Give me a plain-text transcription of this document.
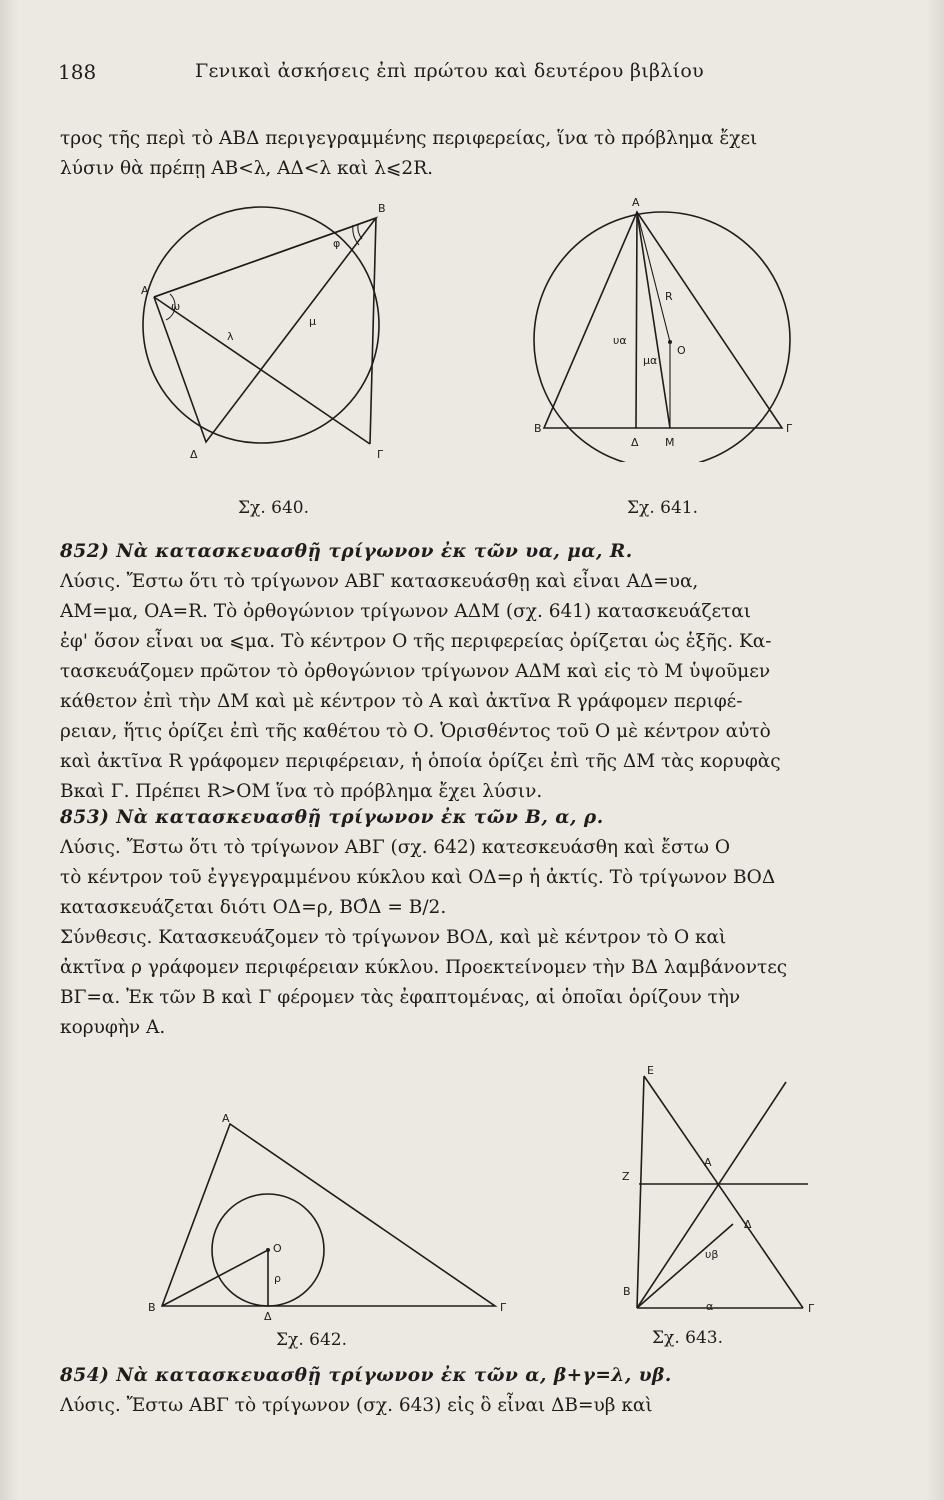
188	Γενικαὶ ἀσκήσεις ἐπὶ πρώτου καὶ δευτέρου βιβλίου

τρος τῆς περὶ τὸ ΑΒΔ περιγεγραμμένης περιφερείας, ἵνα τὸ πρόβλημα ἔχει
λύσιν θὰ πρέπῃ ΑΒ<λ, ΑΔ<λ καὶ λ⩽2R.

A
B
Γ
Δ
ω
φ
λ
μ
A
B	Γ
Δ M
O
R
υα
μα
Σχ. 640.	Σχ. 641.

852) Νὰ κατασκευασθῇ τρίγωνον ἐκ τῶν υα, μα, R.
Λύσις. Ἔστω ὅτι τὸ τρίγωνον ΑΒΓ κατασκευάσθῃ καὶ εἶναι ΑΔ=υα,
ΑΜ=μα, ΟΑ=R. Τὸ ὀρθογώνιον τρίγωνον ΑΔΜ (σχ. 641) κατασκευάζεται
ἐφ' ὅσον εἶναι υα ⩽μα. Τὸ κέντρον Ο τῆς περιφερείας ὁρίζεται ὡς ἑξῆς. Κα-
τασκευάζομεν πρῶτον τὸ ὀρθογώνιον τρίγωνον ΑΔΜ καὶ εἰς τὸ Μ ὑψοῦμεν
κάθετον ἐπὶ τὴν ΔΜ καὶ μὲ κέντρον τὸ Α καὶ ἀκτῖνα R γράφομεν περιφέ-
ρειαν, ἥτις ὁρίζει ἐπὶ τῆς καθέτου τὸ Ο. Ὁρισθέντος τοῦ Ο μὲ κέντρον αὐτὸ
καὶ ἀκτῖνα R γράφομεν περιφέρειαν, ἡ ὁποία ὁρίζει ἐπὶ τῆς ΔΜ τὰς κορυφὰς
Βκαὶ Γ. Πρέπει R>ΟΜ ἵνα τὸ πρόβλημα ἔχει λύσιν.

853) Νὰ κατασκευασθῇ τρίγωνον ἐκ τῶν Β, α, ρ.
Λύσις. Ἔστω ὅτι τὸ τρίγωνον ΑΒΓ (σχ. 642) κατεσκευάσθη καὶ ἔστω Ο
τὸ κέντρον τοῦ ἐγγεγραμμένου κύκλου καὶ ΟΔ=ρ ἡ ἀκτίς. Τὸ τρίγωνον ΒΟΔ
κατασκευάζεται διότι ΟΔ=ρ, ΒΟ̂Δ = Β/2.
Σύνθεσις. Κατασκευάζομεν τὸ τρίγωνον ΒΟΔ, καὶ μὲ κέντρον τὸ Ο καὶ
ἀκτῖνα ρ γράφομεν περιφέρειαν κύκλου. Προεκτείνομεν τὴν ΒΔ λαμβάνοντες
ΒΓ=α. Ἐκ τῶν Β καὶ Γ φέρομεν τὰς ἐφαπτομένας, αἱ ὁποῖαι ὁρίζουν τὴν
κορυφὴν Α.

A
B	Γ
Δ
O
ρ
E
Z
A
Δ
B
Γ
υβ
α
Σχ. 642.	Σχ. 643.

854) Νὰ κατασκευασθῇ τρίγωνον ἐκ τῶν α, β+γ=λ, υβ.
Λύσις. Ἔστω ΑΒΓ τὸ τρίγωνον (σχ. 643) εἰς ὃ εἶναι ΔΒ=υβ καὶ
